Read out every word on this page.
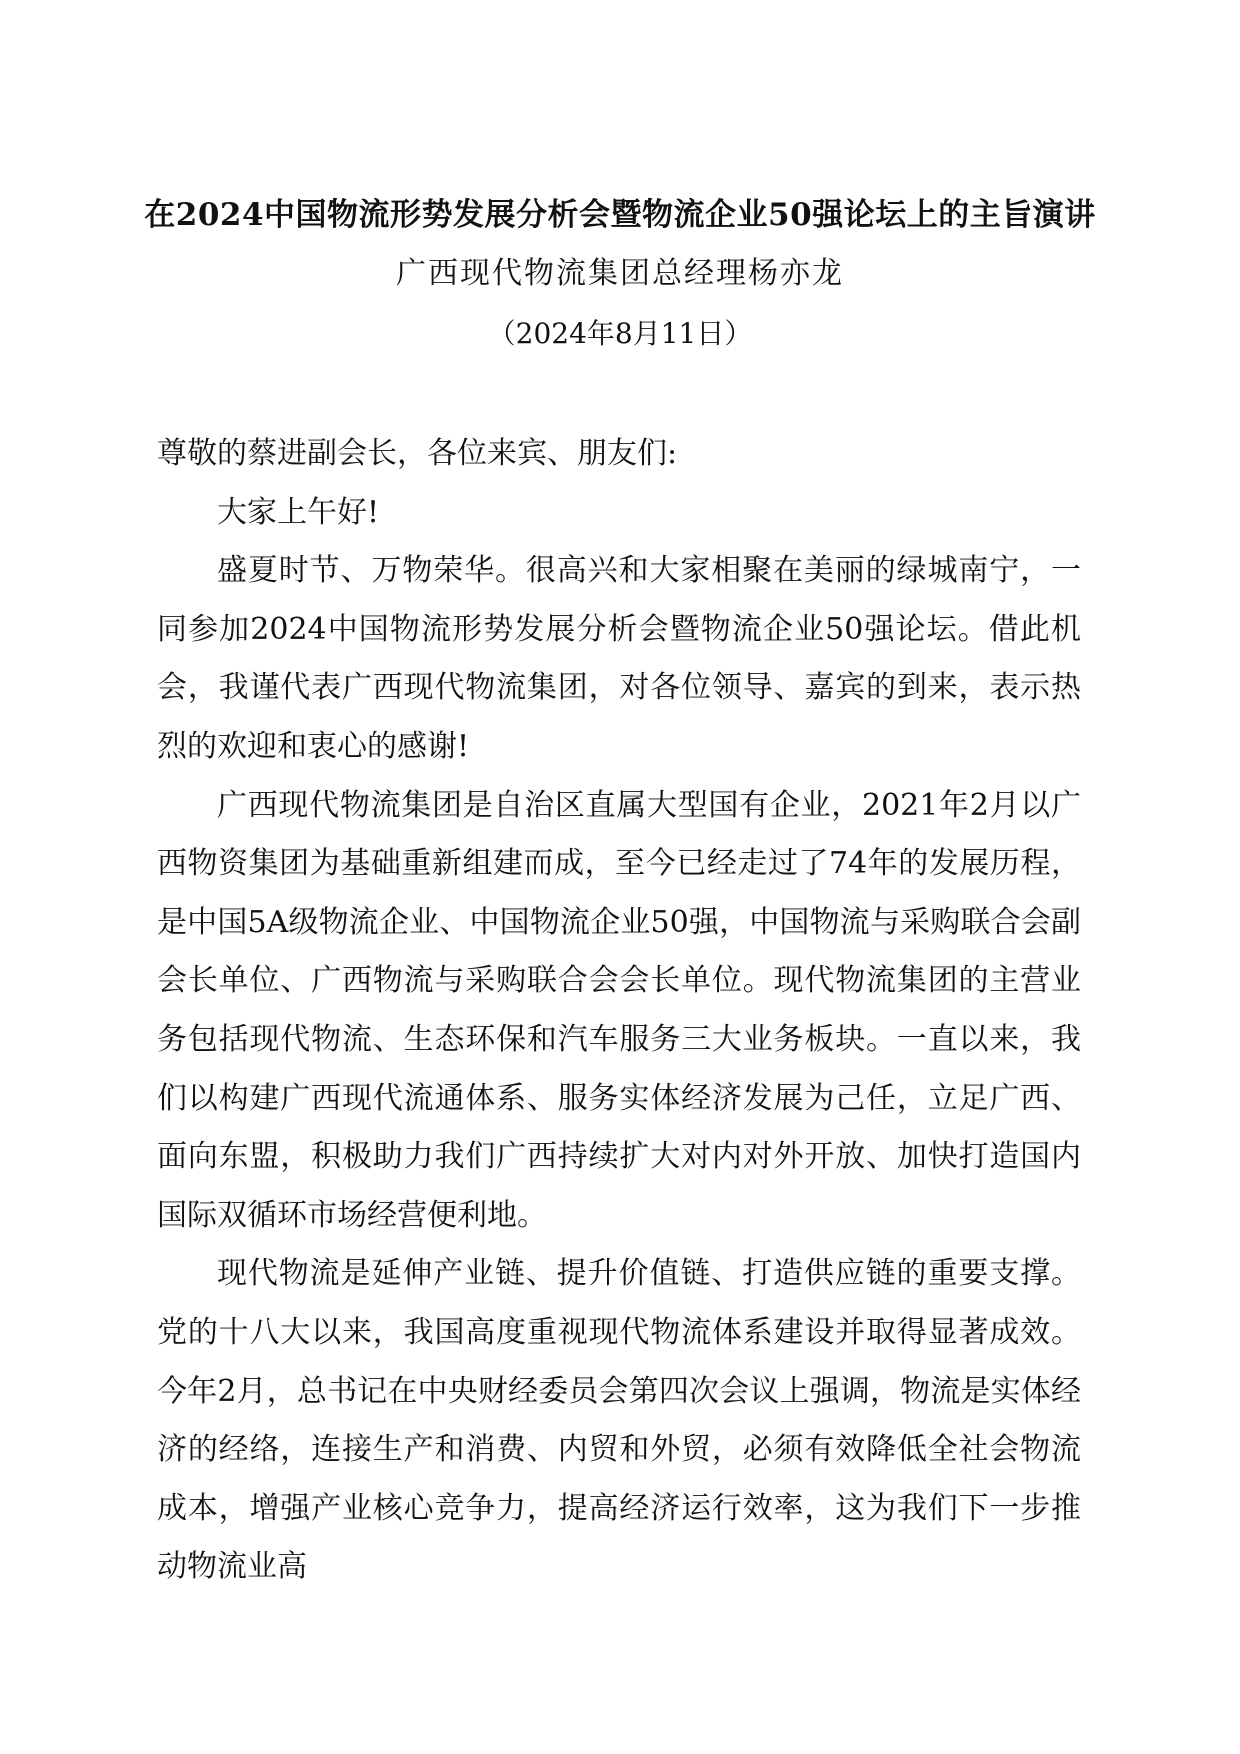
在2024中国物流形势发展分析会暨物流企业50强论坛上的主旨演讲
广西现代物流集团总经理杨亦龙
（2024年8月11日）

尊敬的蔡进副会长，各位来宾、朋友们:

大家上午好!

盛夏时节、万物荣华。很高兴和大家相聚在美丽的绿城南宁，一同参加2024中国物流形势发展分析会暨物流企业50强论坛。借此机会，我谨代表广西现代物流集团，对各位领导、嘉宾的到来，表示热烈的欢迎和衷心的感谢!

广西现代物流集团是自治区直属大型国有企业，2021年2月以广西物资集团为基础重新组建而成，至今已经走过了74年的发展历程，是中国5A级物流企业、中国物流企业50强，中国物流与采购联合会副会长单位、广西物流与采购联合会会长单位。现代物流集团的主营业务包括现代物流、生态环保和汽车服务三大业务板块。一直以来，我们以构建广西现代流通体系、服务实体经济发展为己任，立足广西、面向东盟，积极助力我们广西持续扩大对内对外开放、加快打造国内国际双循环市场经营便利地。

现代物流是延伸产业链、提升价值链、打造供应链的重要支撑。党的十八大以来，我国高度重视现代物流体系建设并取得显著成效。今年2月，总书记在中央财经委员会第四次会议上强调，物流是实体经济的经络，连接生产和消费、内贸和外贸，必须有效降低全社会物流成本，增强产业核心竞争力，提高经济运行效率，这为我们下一步推动物流业高
